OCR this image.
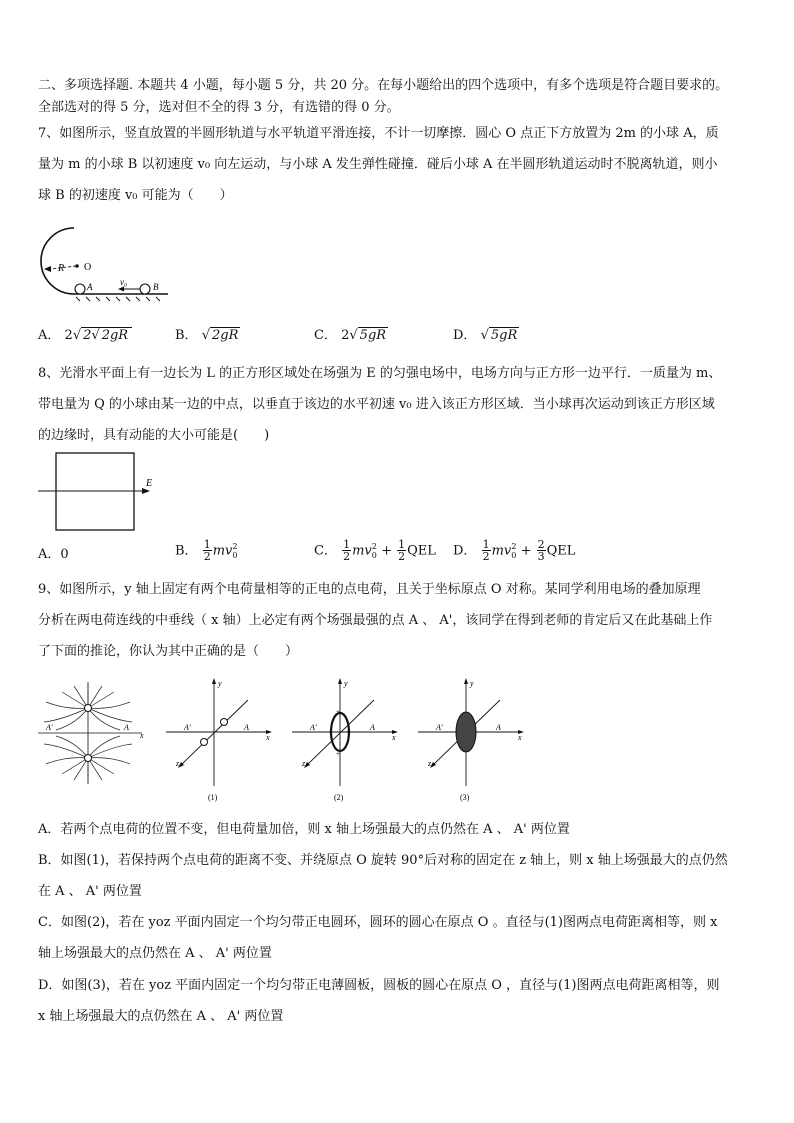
二、多项选择题. 本题共 4 小题，每小题 5 分，共 20 分。在每小题给出的四个选项中，有多个选项是符合题目要求的。
全部选对的得 5 分，选对但不全的得 3 分，有选错的得 0 分。
7、如图所示，竖直放置的半圆形轨道与水平轨道平滑连接，不计一切摩擦．圆心 O 点正下方放置为 2m 的小球 A，质
量为 m 的小球 B 以初速度 v₀ 向左运动，与小球 A 发生弹性碰撞．碰后小球 A 在半圆形轨道运动时不脱离轨道，则小
球 B 的初速度 v₀ 可能为（　　）
R O
A	v₀	B
A． 2√ 2√ 2gR	B． √ 2gR	C． 2√ 5gR	D． √ 5gR
8、光滑水平面上有一边长为 L 的正方形区域处在场强为 E 的匀强电场中，电场方向与正方形一边平行．一质量为 m、
带电量为 Q 的小球由某一边的中点，以垂直于该边的水平初速 v₀ 进入该正方形区域．当小球再次运动到该正方形区域
的边缘时，具有动能的大小可能是(　　)
E
A．0	B． $\frac{1}{2} mv_0^2$	C． $\frac{1}{2} mv_0^2 + \frac{1}{2}$ QEL D． $\frac{1}{2} mv_0^2 + \frac{2}{3}$ QEL
9、如图所示，y 轴上固定有两个电荷量相等的正电的点电荷，且关于坐标原点 O 对称。某同学利用电场的叠加原理
分析在两电荷连线的中垂线（ x 轴）上必定有两个场强最强的点 A 、 A'，该同学在得到老师的肯定后又在此基础上作
了下面的推论，你认为其中正确的是（　　）
A'	A
x
y
x
z
A'	A
(1)
+
+
+ +
y
x
z
A'	A
(2)
y
x
z
A'	A
(3)
A．若两个点电荷的位置不变，但电荷量加倍，则 x 轴上场强最大的点仍然在 A 、 A' 两位置
B．如图(1)，若保持两个点电荷的距离不变、并绕原点 O 旋转 90°后对称的固定在 z 轴上，则 x 轴上场强最大的点仍然
在 A 、 A' 两位置
C．如图(2)，若在 yoz 平面内固定一个均匀带正电圆环，圆环的圆心在原点 O 。直径与(1)图两点电荷距离相等，则 x
轴上场强最大的点仍然在 A 、 A' 两位置
D．如图(3)，若在 yoz 平面内固定一个均匀带正电薄圆板，圆板的圆心在原点 O ，直径与(1)图两点电荷距离相等，则
x 轴上场强最大的点仍然在 A 、 A' 两位置
